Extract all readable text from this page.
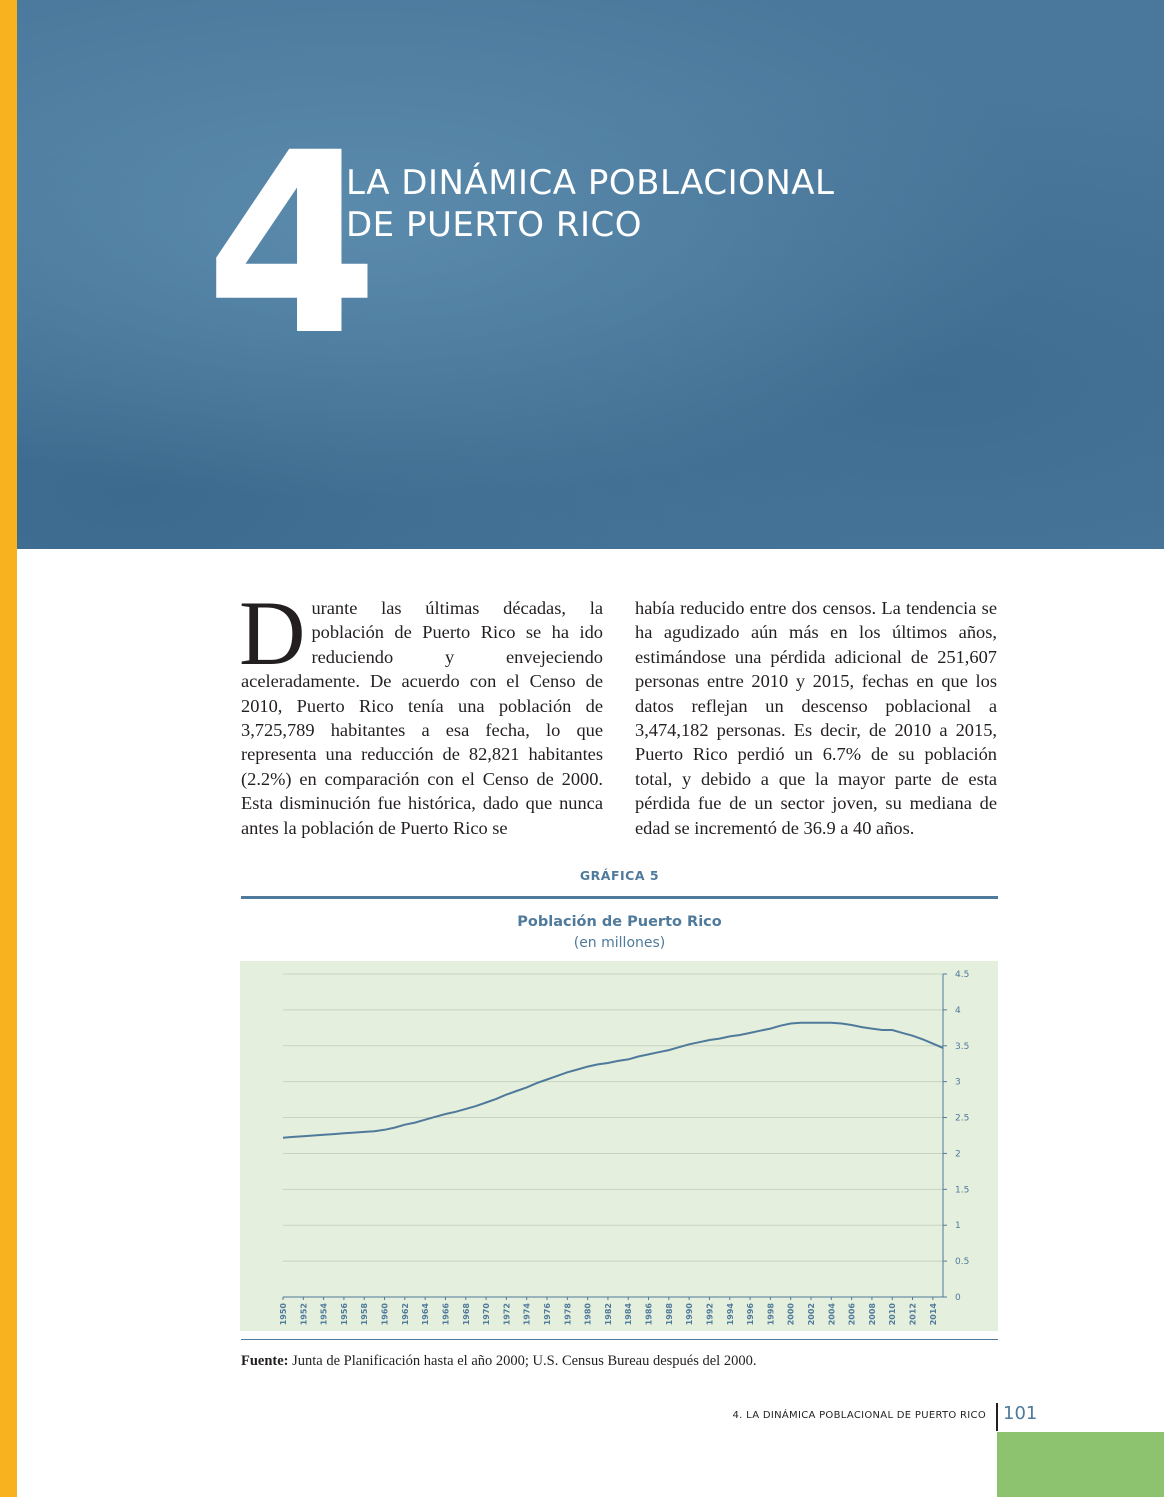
4
LA DINÁMICA POBLACIONAL
DE PUERTO RICO
Durante las últimas décadas, la población de Puerto Rico se ha ido reduciendo y envejeciendo aceleradamente. De acuerdo con el Censo de 2010, Puerto Rico tenía una población de 3,725,789 habitantes a esa fecha, lo que representa una reducción de 82,821 habitantes (2.2%) en comparación con el Censo de 2000. Esta disminución fue histórica, dado que nunca antes la población de Puerto Rico se
había reducido entre dos censos. La tendencia se ha agudizado aún más en los últimos años, estimándose una pérdida adicional de 251,607 personas entre 2010 y 2015, fechas en que los datos reflejan un descenso poblacional a 3,474,182 personas. Es decir, de 2010 a 2015, Puerto Rico perdió un 6.7% de su población total, y debido a que la mayor parte de esta pérdida fue de un sector joven, su mediana de edad se incrementó de 36.9 a 40 años.
GRÁFICA 5
Población de Puerto Rico
(en millones)
0
0.5
1
1.5
2
2.5
3
3.5
4
4.5
1950 1952 1954 1956 1958 1960 1962 1964 1966 1968 1970 1972 1974 1976 1978 1980 1982 1984 1986 1988 1990 1992 1994 1996 1998 2000 2002 2004 2006 2008 2010 2012 2014
Fuente: Junta de Planificación hasta el año 2000; U.S. Census Bureau después del 2000.
4. LA DINÁMICA POBLACIONAL DE PUERTO RICO 101
